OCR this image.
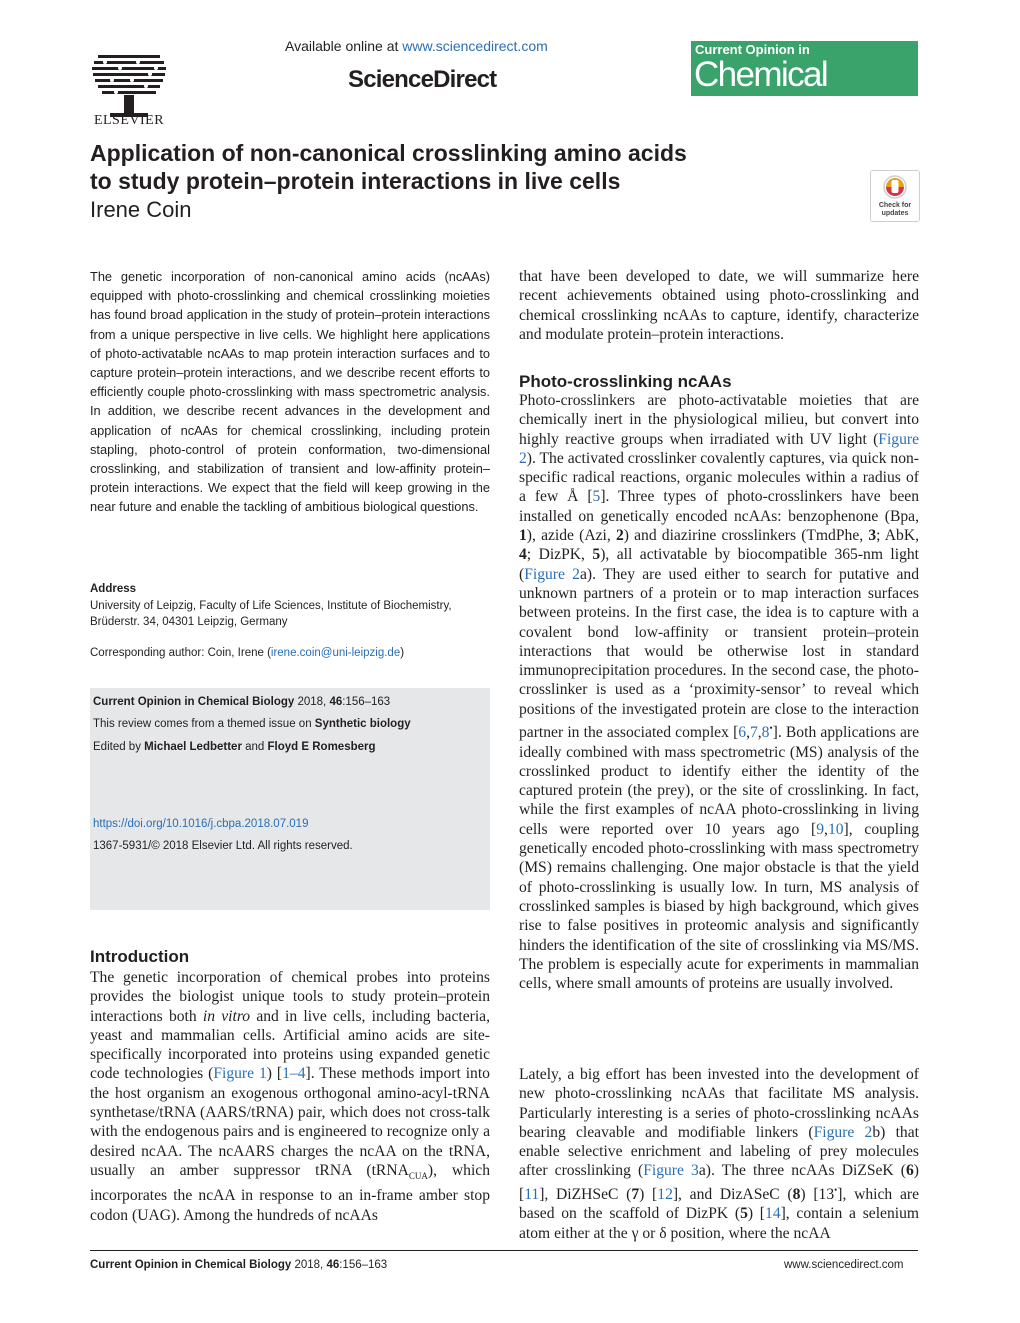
ELSEVIER
Available online at www.sciencedirect.com
ScienceDirect
Current Opinion in
Chemical Biology
Application of non-canonical crosslinking amino acids
to study protein–protein interactions in live cells
Irene Coin	Check for updates

The genetic incorporation of non-canonical amino acids (ncAAs) equipped with photo-crosslinking and chemical crosslinking moieties has found broad application in the study of protein–protein interactions from a unique perspective in live cells. We highlight here applications of photo-activatable ncAAs to map protein interaction surfaces and to capture protein–protein interactions, and we describe recent efforts to efficiently couple photo-crosslinking with mass spectrometric analysis. In addition, we describe recent advances in the development and application of ncAAs for chemical crosslinking, including protein stapling, photo-control of protein conformation, two-dimensional crosslinking, and stabilization of transient and low-affinity protein–protein interactions. We expect that the field will keep growing in the near future and enable the tackling of ambitious biological questions.

Address
University of Leipzig, Faculty of Life Sciences, Institute of Biochemistry,
Brüderstr. 34, 04301 Leipzig, Germany
Corresponding author: Coin, Irene (irene.coin@uni-leipzig.de)
Current Opinion in Chemical Biology 2018, 46:156–163
This review comes from a themed issue on Synthetic biology
Edited by Michael Ledbetter and Floyd E Romesberg
https://doi.org/10.1016/j.cbpa.2018.07.019
1367-5931/© 2018 Elsevier Ltd. All rights reserved.
Introduction

The genetic incorporation of chemical probes into proteins provides the biologist unique tools to study protein–protein interactions both in vitro and in live cells, including bacteria, yeast and mammalian cells. Artificial amino acids are site-specifically incorporated into proteins using expanded genetic code technologies (Figure 1) [1–4]. These methods import into the host organism an exogenous orthogonal amino-acyl-tRNA synthetase/tRNA (AARS/tRNA) pair, which does not cross-talk with the endogenous pairs and is engineered to recognize only a desired ncAA. The ncAARS charges the ncAA on the tRNA, usually an amber suppressor tRNA (tRNA$_{CUA}$), which incorporates the ncAA in response to an in-frame amber stop codon (UAG). Among the hundreds of ncAAs

that have been developed to date, we will summarize here recent achievements obtained using photo-crosslinking and chemical crosslinking ncAAs to capture, identify, characterize and modulate protein–protein interactions.

Photo-crosslinking ncAAs

Photo-crosslinkers are photo-activatable moieties that are chemically inert in the physiological milieu, but convert into highly reactive groups when irradiated with UV light (Figure 2). The activated crosslinker covalently captures, via quick non-specific radical reactions, organic molecules within a radius of a few Å [5]. Three types of photo-crosslinkers have been installed on genetically encoded ncAAs: benzophenone (Bpa, 1), azide (Azi, 2) and diazirine crosslinkers (TmdPhe, 3; AbK, 4; DizPK, 5), all activatable by biocompatible 365-nm light (Figure 2a). They are used either to search for putative and unknown partners of a protein or to map interaction surfaces between proteins. In the first case, the idea is to capture with a covalent bond low-affinity or transient protein–protein interactions that would be otherwise lost in standard immunoprecipitation procedures. In the second case, the photo-crosslinker is used as a ‘proximity-sensor’ to reveal which positions of the investigated protein are close to the interaction partner in the associated complex [6,7,8•]. Both applications are ideally combined with mass spectrometric (MS) analysis of the crosslinked product to identify either the identity of the captured protein (the prey), or the site of crosslinking. In fact, while the first examples of ncAA photo-crosslinking in living cells were reported over 10 years ago [9,10], coupling genetically encoded photo-crosslinking with mass spectrometry (MS) remains challenging. One major obstacle is that the yield of photo-crosslinking is usually low. In turn, MS analysis of crosslinked samples is biased by high background, which gives rise to false positives in proteomic analysis and significantly hinders the identification of the site of crosslinking via MS/MS. The problem is especially acute for experiments in mammalian cells, where small amounts of proteins are usually involved.

Lately, a big effort has been invested into the development of new photo-crosslinking ncAAs that facilitate MS analysis. Particularly interesting is a series of photo-crosslinking ncAAs bearing cleavable and modifiable linkers (Figure 2b) that enable selective enrichment and labeling of prey molecules after crosslinking (Figure 3a). The three ncAAs DiZSeK (6) [11], DiZHSeC (7) [12], and DizASeC (8) [13•], which are based on the scaffold of DizPK (5) [14], contain a selenium atom either at the γ or δ position, where the ncAA

Current Opinion in Chemical Biology 2018, 46:156–163	www.sciencedirect.com
